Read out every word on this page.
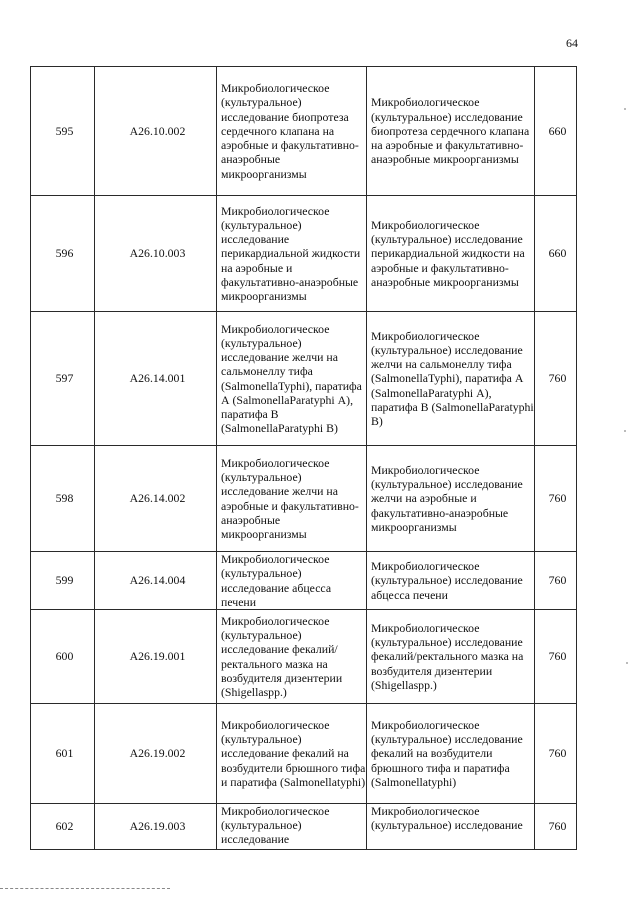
64
595	A26.10.002	Микробиологическое (культуральное) исследование биопротеза сердечного клапана на аэробные и факультативно-анаэробные микроорганизмы	Микробиологическое (культуральное) исследование биопротеза сердечного клапана на аэробные и факультативно-анаэробные микроорганизмы	660
596	A26.10.003	Микробиологическое (культуральное) исследование перикардиальной жидкости на аэробные и факультативно-анаэробные микроорганизмы	Микробиологическое (культуральное) исследование перикардиальной жидкости на аэробные и факультативно-анаэробные микроорганизмы	660
597	A26.14.001	Микробиологическое (культуральное) исследование желчи на сальмонеллу тифа (SalmonellaTyphi), паратифа А (SalmonellaParatyphi А), паратифа В (SalmonellaParatyphi В)	Микробиологическое (культуральное) исследование желчи на сальмонеллу тифа (SalmonellaTyphi), паратифа А (SalmonellaParatyphi А), паратифа В (SalmonellaParatyphi В)	760
598	A26.14.002	Микробиологическое (культуральное) исследование желчи на аэробные и факультативно-анаэробные микроорганизмы	Микробиологическое (культуральное) исследование желчи на аэробные и факультативно-анаэробные микроорганизмы	760
599	A26.14.004	Микробиологическое (культуральное) исследование абцесса печени	Микробиологическое (культуральное) исследование абцесса печени	760
600	A26.19.001	Микробиологическое (культуральное) исследование фекалий/ректального мазка на возбудителя дизентерии (Shigellaspp.)	Микробиологическое (культуральное) исследование фекалий/ректального мазка на возбудителя дизентерии (Shigellaspp.)	760
601	A26.19.002	Микробиологическое (культуральное) исследование фекалий на возбудители брюшного тифа и паратифа (Salmonellatyphi)	Микробиологическое (культуральное) исследование фекалий на возбудители брюшного тифа и паратифа (Salmonellatyphi)	760
602	A26.19.003	Микробиологическое (культуральное) исследование	Микробиологическое (культуральное) исследование	760
